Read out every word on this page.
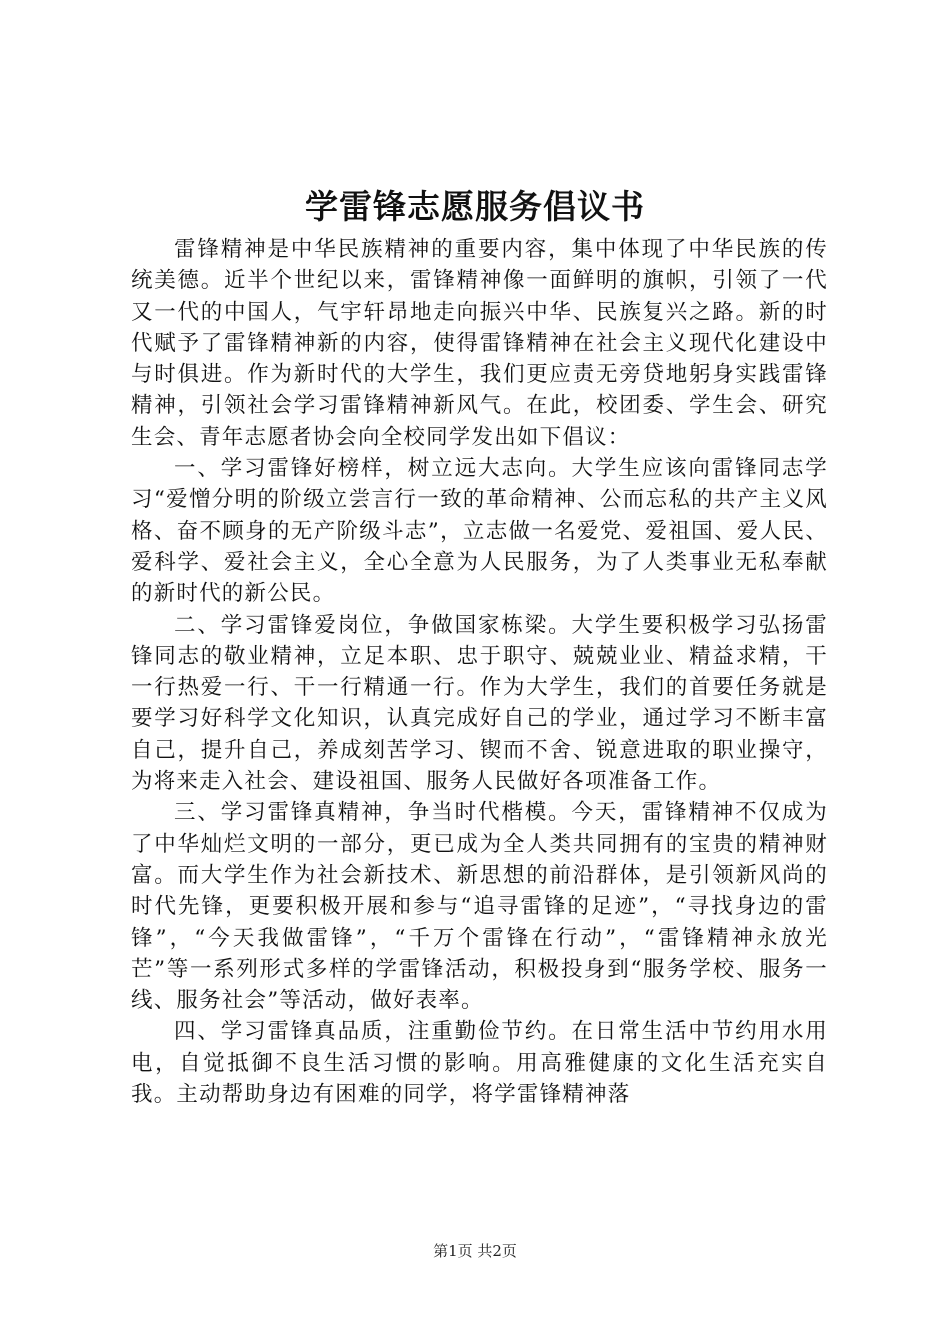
学雷锋志愿服务倡议书

雷锋精神是中华民族精神的重要内容，集中体现了中华民族的传统美德。近半个世纪以来，雷锋精神像一面鲜明的旗帜，引领了一代又一代的中国人，气宇轩昂地走向振兴中华、民族复兴之路。新的时代赋予了雷锋精神新的内容，使得雷锋精神在社会主义现代化建设中与时俱进。作为新时代的大学生，我们更应责无旁贷地躬身实践雷锋精神，引领社会学习雷锋精神新风气。在此，校团委、学生会、研究生会、青年志愿者协会向全校同学发出如下倡议：

一、学习雷锋好榜样，树立远大志向。大学生应该向雷锋同志学习“爱憎分明的阶级立尝言行一致的革命精神、公而忘私的共产主义风格、奋不顾身的无产阶级斗志”，立志做一名爱党、爱祖国、爱人民、爱科学、爱社会主义，全心全意为人民服务，为了人类事业无私奉献的新时代的新公民。

二、学习雷锋爱岗位，争做国家栋梁。大学生要积极学习弘扬雷锋同志的敬业精神，立足本职、忠于职守、兢兢业业、精益求精，干一行热爱一行、干一行精通一行。作为大学生，我们的首要任务就是要学习好科学文化知识，认真完成好自己的学业，通过学习不断丰富自己，提升自己，养成刻苦学习、锲而不舍、锐意进取的职业操守，为将来走入社会、建设祖国、服务人民做好各项准备工作。

三、学习雷锋真精神，争当时代楷模。今天，雷锋精神不仅成为了中华灿烂文明的一部分，更已成为全人类共同拥有的宝贵的精神财富。而大学生作为社会新技术、新思想的前沿群体，是引领新风尚的时代先锋，更要积极开展和参与“追寻雷锋的足迹”，“寻找身边的雷锋”，“今天我做雷锋”，“千万个雷锋在行动”，“雷锋精神永放光芒”等一系列形式多样的学雷锋活动，积极投身到“服务学校、服务一线、服务社会”等活动，做好表率。

四、学习雷锋真品质，注重勤俭节约。在日常生活中节约用水用电，自觉抵御不良生活习惯的影响。用高雅健康的文化生活充实自我。主动帮助身边有困难的同学，将学雷锋精神落

第1页 共2页
